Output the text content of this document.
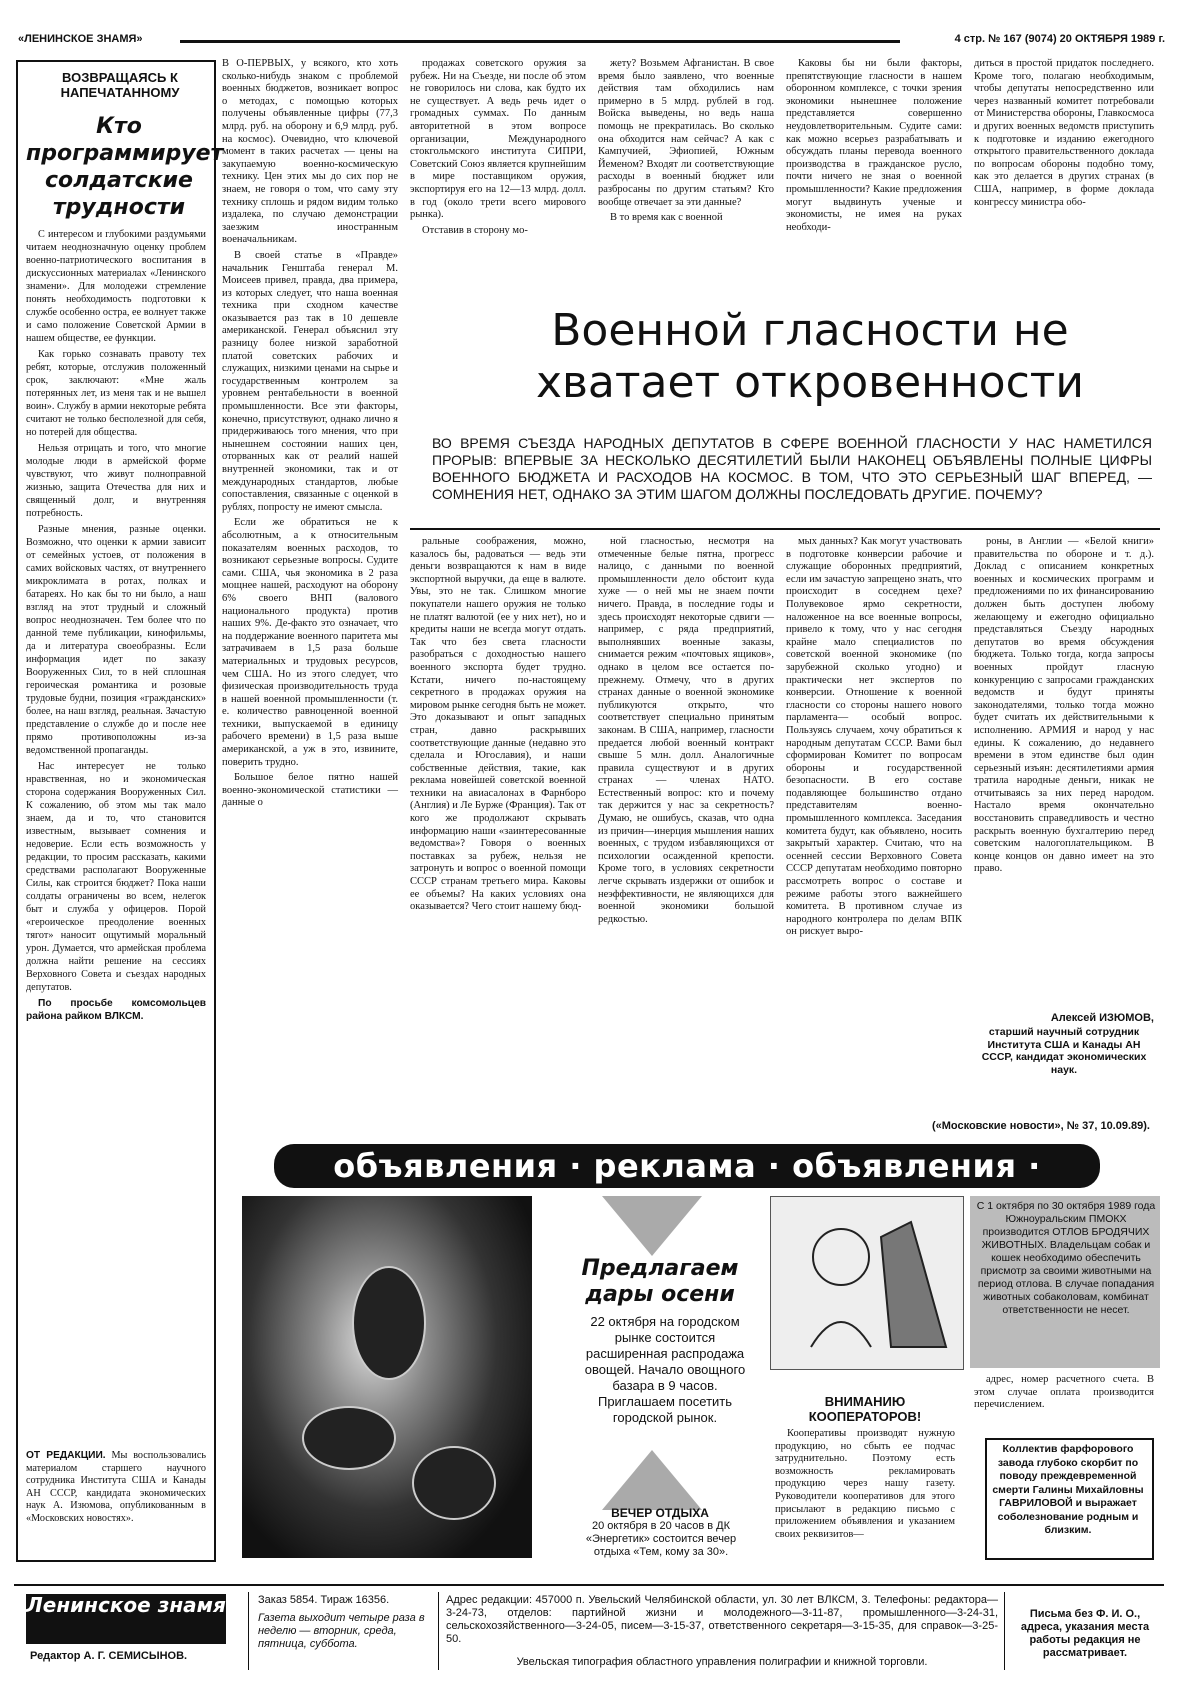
«ЛЕНИНСКОЕ ЗНАМЯ»	4 стр. № 167 (9074) 20 ОКТЯБРЯ 1989 г.
ВОЗВРАЩАЯСЬ К НАПЕЧАТАННОМУ
Кто программирует солдатские трудности

С интересом и глубокими раздумьями читаем неоднозначную оценку проблем военно-патриотического воспитания в дискуссионных материалах «Ленинского знамени». Для молодежи стремление понять необходимость подготовки к службе особенно остра, ее волнует также и само положение Советской Армии в нашем обществе, ее функции.

Как горько сознавать правоту тех ребят, которые, отслужив положенный срок, заключают: «Мне жаль потерянных лет, из меня так и не вышел воин». Службу в армии некоторые ребята считают не только бесполезной для себя, но потерей для общества.

Нельзя отрицать и того, что многие молодые люди в армейской форме чувствуют, что живут полноправной жизнью, защита Отечества для них и священный долг, и внутренняя потребность.

Разные мнения, разные оценки. Возможно, что оценки к армии зависит от семейных устоев, от положения в самих войсковых частях, от внутреннего микроклимата в ротах, полках и батареях. Но как бы то ни было, а наш взгляд на этот трудный и сложный вопрос неоднозначен. Тем более что по данной теме публикации, кинофильмы, да и литература своеобразны. Если информация идет по заказу Вооруженных Сил, то в ней сплошная героическая романтика и розовые трудовые будни, позиция «гражданских» более, на наш взгляд, реальная. Зачастую представление о службе до и после нее прямо противоположны из-за ведомственной пропаганды.

Нас интересует не только нравственная, но и экономическая сторона содержания Вооруженных Сил. К сожалению, об этом мы так мало знаем, да и то, что становится известным, вызывает сомнения и недоверие. Если есть возможность у редакции, то просим рассказать, какими средствами располагают Вооруженные Силы, как строится бюджет? Пока наши солдаты ограничены во всем, нелегок быт и служба у офицеров. Порой «героическое преодоление военных тягот» наносит ощутимый моральный урон. Думается, что армейская проблема должна найти решение на сессиях Верховного Совета и съездах народных депутатов.

По просьбе комсомольцев района райком ВЛКСМ.

ОТ РЕДАКЦИИ. Мы воспользовались материалом старшего научного сотрудника Института США и Канады АН СССР, кандидата экономических наук А. Изюмова, опубликованным в «Московских новостях».

В О-ПЕРВЫХ, у всякого, кто хоть сколько-нибудь знаком с проблемой военных бюджетов, возникает вопрос о методах, с помощью которых получены объявленные цифры (77,3 млрд. руб. на оборону и 6,9 млрд. руб. на космос). Очевидно, что ключевой момент в таких расчетах — цены на закупаемую военно-космическую технику. Цен этих мы до сих пор не знаем, не говоря о том, что саму эту технику сплошь и рядом видим только издалека, по случаю демонстрации заезжим иностранным военачальникам.

В своей статье в «Правде» начальник Генштаба генерал М. Моисеев привел, правда, два примера, из которых следует, что наша военная техника при сходном качестве оказывается раз так в 10 дешевле американской. Генерал объяснил эту разницу более низкой заработной платой советских рабочих и служащих, низкими ценами на сырье и государственным контролем за уровнем рентабельности в военной промышленности. Все эти факторы, конечно, присутствуют, однако лично я придерживаюсь того мнения, что при нынешнем состоянии наших цен, оторванных как от реалий нашей внутренней экономики, так и от международных стандартов, любые сопоставления, связанные с оценкой в рублях, попросту не имеют смысла.

Если же обратиться не к абсолютным, а к относительным показателям военных расходов, то возникают серьезные вопросы. Судите сами. США, чья экономика в 2 раза мощнее нашей, расходуют на оборону 6% своего ВНП (валового национального продукта) против наших 9%. Де-факто это означает, что на поддержание военного паритета мы затрачиваем в 1,5 раза больше материальных и трудовых ресурсов, чем США. Но из этого следует, что физическая производительность труда в нашей военной промышленности (т. е. количество равноценной военной техники, выпускаемой в единицу рабочего времени) в 1,5 раза выше американской, а уж в это, извините, поверить трудно.

Большое белое пятно нашей военно-экономической статистики — данные о

продажах советского оружия за рубеж. Ни на Съезде, ни после об этом не говорилось ни слова, как будто их не существует. А ведь речь идет о громадных суммах. По данным авторитетной в этом вопросе организации, Международного стокгольмского института СИПРИ, Советский Союз является крупнейшим в мире поставщиком оружия, экспортируя его на 12—13 млрд. долл. в год (около трети всего мирового рынка).

Отставив в сторону мо-

жету? Возьмем Афганистан. В свое время было заявлено, что военные действия там обходились нам примерно в 5 млрд. рублей в год. Войска выведены, но ведь наша помощь не прекратилась. Во сколько она обходится нам сейчас? А как с Кампучией, Эфиопией, Южным Йеменом? Входят ли соответствующие расходы в военный бюджет или разбросаны по другим статьям? Кто вообще отвечает за эти данные?

В то время как с военной

Каковы бы ни были факторы, препятствующие гласности в нашем оборонном комплексе, с точки зрения экономики нынешнее положение представляется совершенно неудовлетворительным. Судите сами: как можно всерьез разрабатывать и обсуждать планы перевода военного производства в гражданское русло, почти ничего не зная о военной промышленности? Какие предложения могут выдвинуть ученые и экономисты, не имея на руках необходи-

диться в простой придаток последнего. Кроме того, полагаю необходимым, чтобы депутаты непосредственно или через названный комитет потребовали от Министерства обороны, Главкосмоса и других военных ведомств приступить к подготовке и изданию ежегодного открытого правительственного доклада по вопросам обороны подобно тому, как это делается в других странах (в США, например, в форме доклада конгрессу министра обо-

Военной гласности не хватает откровенности
ВО ВРЕМЯ СЪЕЗДА НАРОДНЫХ ДЕПУТАТОВ В СФЕРЕ ВОЕННОЙ ГЛАСНОСТИ У НАС НАМЕТИЛСЯ ПРОРЫВ: ВПЕРВЫЕ ЗА НЕСКОЛЬКО ДЕСЯТИЛЕТИЙ БЫЛИ НАКОНЕЦ ОБЪЯВЛЕНЫ ПОЛНЫЕ ЦИФРЫ ВОЕННОГО БЮДЖЕТА И РАСХОДОВ НА КОСМОС. В ТОМ, ЧТО ЭТО СЕРЬЕЗНЫЙ ШАГ ВПЕРЕД, — СОМНЕНИЯ НЕТ, ОДНАКО ЗА ЭТИМ ШАГОМ ДОЛЖНЫ ПОСЛЕДОВАТЬ ДРУГИЕ. ПОЧЕМУ?

ральные соображения, можно, казалось бы, радоваться — ведь эти деньги возвращаются к нам в виде экспортной выручки, да еще в валюте. Увы, это не так. Слишком многие покупатели нашего оружия не только не платят валютой (ее у них нет), но и кредиты наши не всегда могут отдать. Так что без света гласности разобраться с доходностью нашего военного экспорта будет трудно. Кстати, ничего по-настоящему секретного в продажах оружия на мировом рынке сегодня быть не может. Это доказывают и опыт западных стран, давно раскрывших соответствующие данные (недавно это сделала и Югославия), и наши собственные действия, такие, как реклама новейшей советской военной техники на авиасалонах в Фарнборо (Англия) и Ле Бурже (Франция). Так от кого же продолжают скрывать информацию наши «заинтересованные ведомства»? Говоря о военных поставках за рубеж, нельзя не затронуть и вопрос о военной помощи СССР странам третьего мира. Каковы ее объемы? На каких условиях она оказывается? Чего стоит нашему бюд-

ной гласностью, несмотря на отмеченные белые пятна, прогресс налицо, с данными по военной промышленности дело обстоит куда хуже — о ней мы не знаем почти ничего. Правда, в последние годы и здесь происходят некоторые сдвиги — например, с ряда предприятий, выполнявших военные заказы, снимается режим «почтовых ящиков», однако в целом все остается по-прежнему. Отмечу, что в других странах данные о военной экономике публикуются открыто, что соответствует специально принятым законам. В США, например, гласности предается любой военный контракт свыше 5 млн. долл. Аналогичные правила существуют и в других странах — членах НАТО. Естественный вопрос: кто и почему так держится у нас за секретность? Думаю, не ошибусь, сказав, что одна из причин—инерция мышления наших военных, с трудом избавляющихся от психологии осажденной крепости. Кроме того, в условиях секретности легче скрывать издержки от ошибок и неэффективности, не являющихся для военной экономики большой редкостью.

мых данных? Как могут участвовать в подготовке конверсии рабочие и служащие оборонных предприятий, если им зачастую запрещено знать, что происходит в соседнем цехе? Полувековое ярмо секретности, наложенное на все военные вопросы, привело к тому, что у нас сегодня крайне мало специалистов по советской военной экономике (по зарубежной сколько угодно) и практически нет экспертов по конверсии. Отношение к военной гласности со стороны нашего нового парламента— особый вопрос. Пользуясь случаем, хочу обратиться к народным депутатам СССР. Вами был сформирован Комитет по вопросам обороны и государственной безопасности. В его составе подавляющее большинство отдано представителям военно-промышленного комплекса. Заседания комитета будут, как объявлено, носить закрытый характер. Считаю, что на осенней сессии Верховного Совета СССР депутатам необходимо повторно рассмотреть вопрос о составе и режиме работы этого важнейшего комитета. В противном случае из народного контролера по делам ВПК он рискует выро-

роны, в Англии — «Белой книги» правительства по обороне и т. д.). Доклад с описанием конкретных военных и космических программ и предложениями по их финансированию должен быть доступен любому желающему и ежегодно официально представляться Съезду народных депутатов во время обсуждения бюджета. Только тогда, когда запросы военных пройдут гласную конкуренцию с запросами гражданских ведомств и будут приняты законодателями, только тогда можно будет считать их действительными к исполнению. АРМИЯ и народ у нас едины. К сожалению, до недавнего времени в этом единстве был один серьезный изъян: десятилетиями армия тратила народные деньги, никак не отчитываясь за них перед народом. Настало время окончательно восстановить справедливость и честно раскрыть военную бухгалтерию перед советским налогоплательщиком. В конце концов он давно имеет на это право.

Алексей ИЗЮМОВ,
старший научный сотрудник Института США и Канады АН СССР, кандидат экономических наук.
(«Московские новости», № 37, 10.09.89).
объявления · реклама · объявления · реклама
Предлагаем дары осени
22 октября на городском рынке состоится расширенная распродажа овощей. Начало овощного базара в 9 часов. Приглашаем посетить городской рынок.
ВЕЧЕР ОТДЫХА
20 октября в 20 часов в ДК «Энергетик» состоится вечер отдыха «Тем, кому за 30».
С 1 октября по 30 октября 1989 года Южноуральским ПМОКХ производится ОТЛОВ БРОДЯЧИХ ЖИВОТНЫХ. Владельцам собак и кошек необходимо обеспечить присмотр за своими животными на период отлова. В случае попадания животных собаколовам, комбинат ответственности не несет.
ВНИМАНИЮ КООПЕРАТОРОВ!

Кооперативы производят нужную продукцию, но сбыть ее подчас затруднительно. Поэтому есть возможность рекламировать продукцию через нашу газету. Руководители кооперативов для этого присылают в редакцию письмо с приложением объявления и указанием своих реквизитов—

адрес, номер расчетного счета. В этом случае оплата производится перечислением.

Коллектив фарфорового завода глубоко скорбит по поводу преждевременной смерти Галины Михайловны ГАВРИЛОВОЙ и выражает соболезнование родным и близким.
Ленинское знамя
Редактор А. Г. СЕМИСЫНОВ.
Заказ 5854. Тираж 16356.
Газета выходит четыре раза в неделю — вторник, среда, пятница, суббота.
Адрес редакции: 457000 п. Увельский Челябинской области, ул. 30 лет ВЛКСМ, 3. Телефоны: редактора—3-24-73, отделов: партийной жизни и молодежного—3-11-87, промышленного—3-24-31, сельскохозяйственного—3-24-05, писем—3-15-37, ответственного секретаря—3-15-35, для справок—3-25-50.
Увельская типография областного управления полиграфии и книжной торговли.
Письма без Ф. И. О., адреса, указания места работы редакция не рассматривает.
